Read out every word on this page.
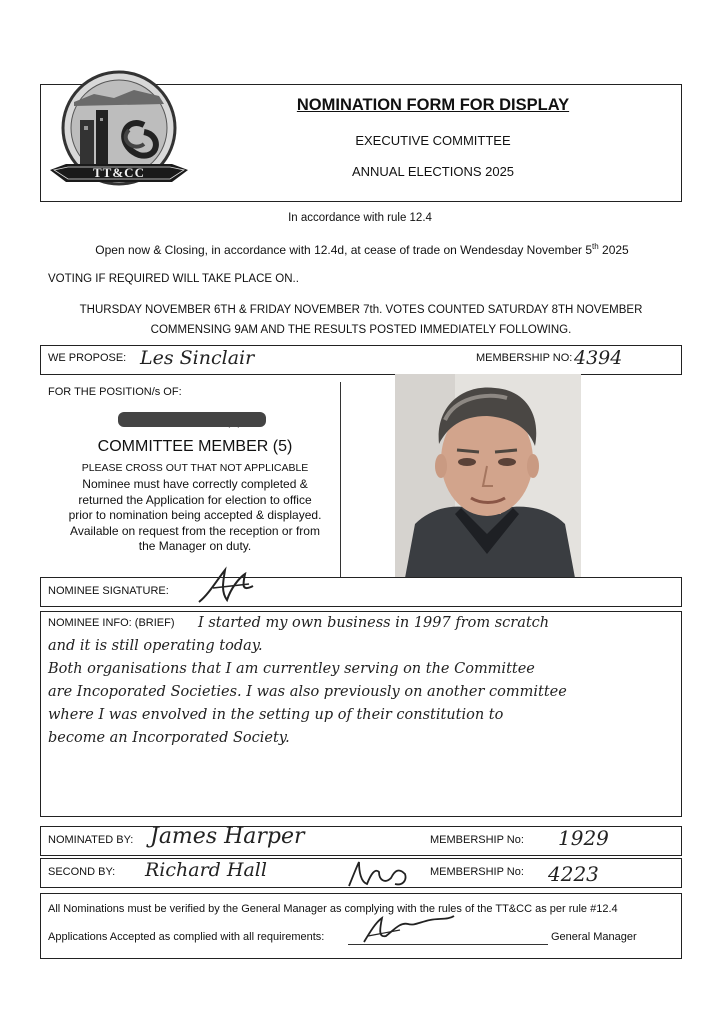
TT&CC
NOMINATION FORM FOR DISPLAY
EXECUTIVE COMMITTEE
ANNUAL ELECTIONS 2025
In accordance with rule 12.4
Open now & Closing, in accordance with 12.4d, at cease of trade on Wendesday November 5th 2025
VOTING IF REQUIRED WILL TAKE PLACE ON..
THURSDAY NOVEMBER 6TH & FRIDAY NOVEMBER 7th. VOTES COUNTED SATURDAY 8TH NOVEMBER
COMMENSING 9AM AND THE RESULTS POSTED IMMEDIATELY FOLLOWING.
WE PROPOSE: Les Sinclair	MEMBERSHIP NO: 4394
FOR THE POSITION/s OF:
COMMITTEE MEMBER (5)
PLEASE CROSS OUT THAT NOT APPLICABLE
Nominee must have correctly completed &
returned the Application for election to office
prior to nomination being accepted & displayed.
Available on request from the reception or from
the Manager on duty.
NOMINEE SIGNATURE:
NOMINEE INFO: (BRIEF)	I started my own business in 1997 from scratch
and it is still operating today.
Both organisations that I am currentley serving on the Committee
are Incoporated Societies. I was also previously on another committee
where I was envolved in the setting up of their constitution to
become an Incorporated Society.
NOMINATED BY: James Harper	MEMBERSHIP No: 1929
SECOND BY: Richard Hall	MEMBERSHIP No: 4223
All Nominations must be verified by the General Manager as complying with the rules of the TT&CC as per rule #12.4
Applications Accepted as complied with all requirements:	General Manager
